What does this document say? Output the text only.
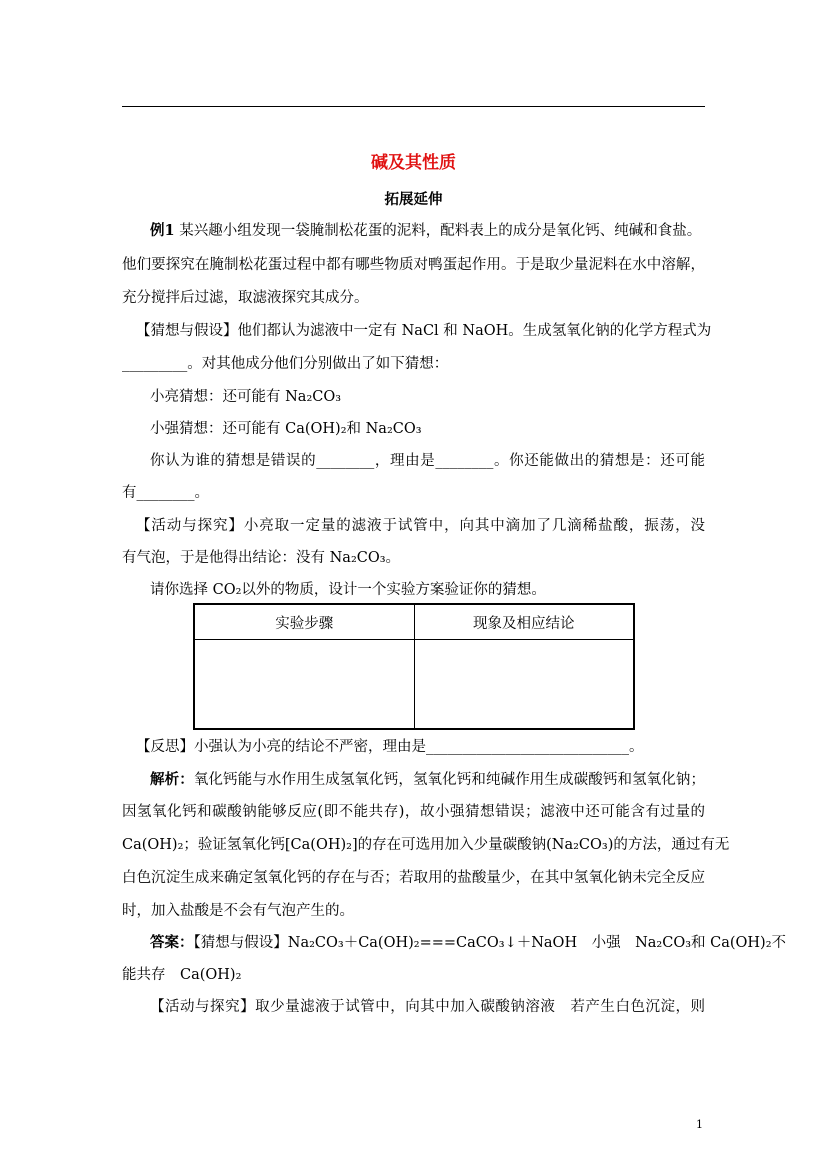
碱及其性质
拓展延伸
例1 某兴趣小组发现一袋腌制松花蛋的泥料，配料表上的成分是氧化钙、纯碱和食盐。
他们要探究在腌制松花蛋过程中都有哪些物质对鸭蛋起作用。于是取少量泥料在水中溶解，
充分搅拌后过滤，取滤液探究其成分。
【猜想与假设】他们都认为滤液中一定有 NaCl 和 NaOH。生成氢氧化钠的化学方程式为
_________。对其他成分他们分别做出了如下猜想：
小亮猜想：还可能有 Na₂CO₃
小强猜想：还可能有 Ca(OH)₂和 Na₂CO₃
你认为谁的猜想是错误的________，理由是________。你还能做出的猜想是：还可能
有________。
【活动与探究】小亮取一定量的滤液于试管中，向其中滴加了几滴稀盐酸，振荡，没
有气泡，于是他得出结论：没有 Na₂CO₃。
请你选择 CO₂以外的物质，设计一个实验方案验证你的猜想。
实验步骤	现象及相应结论

【反思】小强认为小亮的结论不严密，理由是____________________________。
解析：氧化钙能与水作用生成氢氧化钙，氢氧化钙和纯碱作用生成碳酸钙和氢氧化钠；
因氢氧化钙和碳酸钠能够反应(即不能共存)，故小强猜想错误；滤液中还可能含有过量的
Ca(OH)₂；验证氢氧化钙[Ca(OH)₂]的存在可选用加入少量碳酸钠(Na₂CO₃)的方法，通过有无
白色沉淀生成来确定氢氧化钙的存在与否；若取用的盐酸量少，在其中氢氧化钠未完全反应
时，加入盐酸是不会有气泡产生的。
答案：【猜想与假设】Na₂CO₃＋Ca(OH)₂===CaCO₃↓＋NaOH　小强　Na₂CO₃和 Ca(OH)₂不
能共存　Ca(OH)₂
【活动与探究】取少量滤液于试管中，向其中加入碳酸钠溶液　若产生白色沉淀，则
1
